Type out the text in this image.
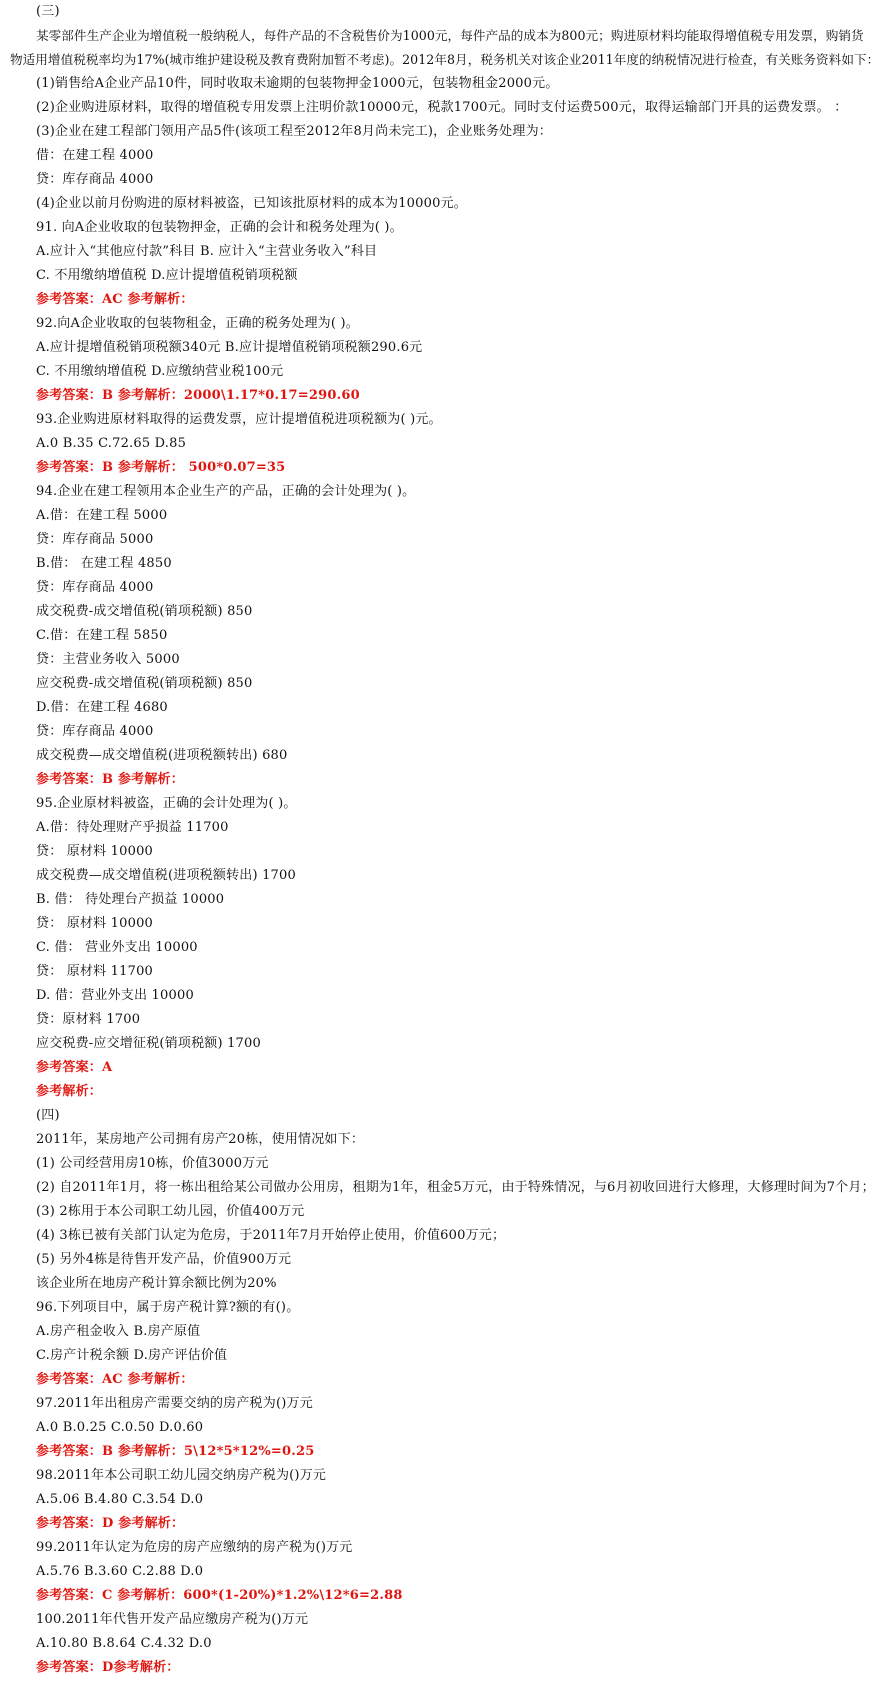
(三)
某零部件生产企业为增值税一般纳税人，每件产品的不含税售价为1000元，每件产品的成本为800元；购进原材料均能取得增值税专用发票，购销货
物适用增值税税率均为17%(城市维护建设税及教育费附加暂不考虑)。2012年8月，税务机关对该企业2011年度的纳税情况进行检查，有关账务资料如下：
(1)销售给A企业产品10件，同时收取未逾期的包装物押金1000元，包装物租金2000元。
(2)企业购进原材料，取得的增值税专用发票上注明价款10000元，税款1700元。同时支付运费500元，取得运输部门开具的运费发票。 ：
(3)企业在建工程部门领用产品5件(该项工程至2012年8月尚未完工)，企业账务处理为：
借：在建工程 4000
贷：库存商品 4000
(4)企业以前月份购进的原材料被盗，已知该批原材料的成本为10000元。
91. 向A企业收取的包装物押金，正确的会计和税务处理为( )。
A.应计入“其他应付款”科目 B. 应计入“主营业务收入”科目
C. 不用缴纳增值税 D.应计提增值税销项税额
参考答案：AC 参考解析：
92.向A企业收取的包装物租金，正确的税务处理为( )。
A.应计提增值税销项税额340元 B.应计提增值税销项税额290.6元
C. 不用缴纳增值税 D.应缴纳营业税100元
参考答案：B 参考解析：2000\1.17*0.17=290.60
93.企业购进原材料取得的运费发票，应计提增值税进项税额为( )元。
A.0 B.35 C.72.65 D.85
参考答案：B 参考解析： 500*0.07=35
94.企业在建工程领用本企业生产的产品，正确的会计处理为( )。
A.借：在建工程 5000
贷：库存商品 5000
B.借： 在建工程 4850
贷：库存商品 4000
成交税费-成交增值税(销项税额) 850
C.借：在建工程 5850
贷：主营业务收入 5000
应交税费-成交增值税(销项税额) 850
D.借：在建工程 4680
贷：库存商品 4000
成交税费—成交增值税(进项税额转出) 680
参考答案：B 参考解析：
95.企业原材料被盗，正确的会计处理为( )。
A.借：待处理财产乎损益 11700
贷： 原材料 10000
成交税费—成交增值税(进项税额转出) 1700
B. 借： 待处理台产损益 10000
贷： 原材料 10000
C. 借： 营业外支出 10000
贷： 原材料 11700
D. 借：营业外支出 10000
贷：原材料 1700
应交税费-应交增征税(销项税额) 1700
参考答案：A
参考解析：
(四)
2011年，某房地产公司拥有房产20栋，使用情况如下：
(1) 公司经营用房10栋，价值3000万元
(2) 自2011年1月，将一栋出租给某公司做办公用房，租期为1年，租金5万元，由于特殊情况，与6月初收回进行大修理，大修理时间为7个月；
(3) 2栋用于本公司职工幼儿园，价值400万元
(4) 3栋已被有关部门认定为危房，于2011年7月开始停止使用，价值600万元；
(5) 另外4栋是待售开发产品，价值900万元
该企业所在地房产税计算余额比例为20%
96.下列项目中，属于房产税计算?额的有()。
A.房产租金收入 B.房产原值
C.房产计税余额 D.房产评估价值
参考答案：AC 参考解析：
97.2011年出租房产需要交纳的房产税为()万元
A.0 B.0.25 C.0.50 D.0.60
参考答案：B 参考解析：5\12*5*12%=0.25
98.2011年本公司职工幼儿园交纳房产税为()万元
A.5.06 B.4.80 C.3.54 D.0
参考答案：D 参考解析：
99.2011年认定为危房的房产应缴纳的房产税为()万元
A.5.76 B.3.60 C.2.88 D.0
参考答案：C 参考解析：600*(1-20%)*1.2%\12*6=2.88
100.2011年代售开发产品应缴房产税为()万元
A.10.80 B.8.64 C.4.32 D.0
参考答案：D参考解析：
